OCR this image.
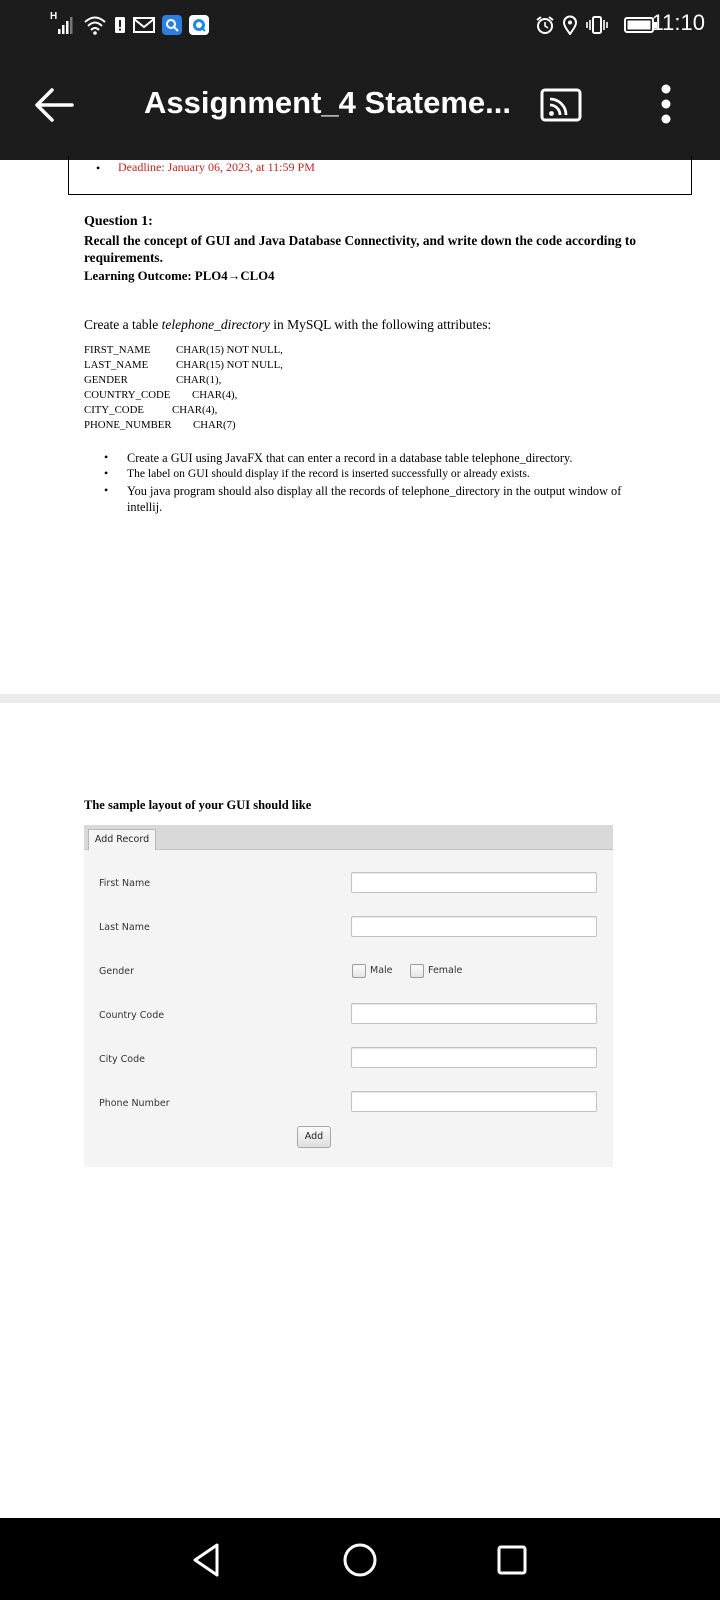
H	11:10
Assignment_4 Stateme...
• Deadline: January 06, 2023, at 11:59 PM
Question 1:
Recall the concept of GUI and Java Database Connectivity, and write down the code according to requirements.
Learning Outcome: PLO4→CLO4
Create a table telephone_directory in MySQL with the following attributes:
FIRST_NAME CHAR(15) NOT NULL,
LAST_NAME	CHAR(15) NOT NULL,
GENDER	CHAR(1),
COUNTRY_CODE CHAR(4),
CITY_CODE	CHAR(4),
PHONE_NUMBER CHAR(7)
• Create a GUI using JavaFX that can enter a record in a database table telephone_directory.
• The label on GUI should display if the record is inserted successfully or already exists.
• You java program should also display all the records of telephone_directory in the output window of intellij.
The sample layout of your GUI should like
Add Record
First Name
Last Name
Gender	Male	Female
Country Code
City Code
Phone Number
Add
